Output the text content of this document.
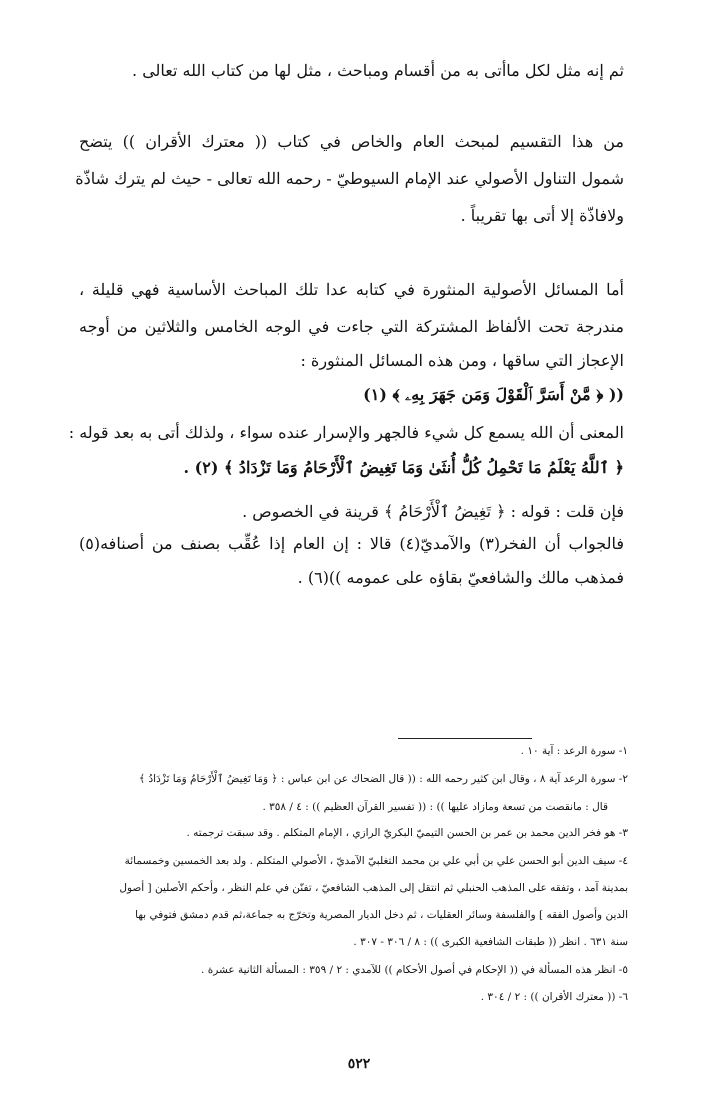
ثم إنه مثل لكل ماأتى به من أقسام ومباحث ، مثل لها من كتاب الله تعالى .
من هذا التقسيم لمبحث العام والخاص في كتاب (( معترك الأقران )) يتضح
شمول التناول الأصولي عند الإمام السيوطيّ - رحمه الله تعالى - حيث لم يترك شاذّة
ولافاذّة إلا أتى بها تقريباً .
أما المسائل الأصولية المنثورة في كتابه عدا تلك المباحث الأساسية فهي قليلة ،
مندرجة تحت الألفاظ المشتركة التي جاءت في الوجه الخامس والثلاثين من أوجه
الإعجاز التي ساقها ، ومن هذه المسائل المنثورة :
(( ﴿ مَّنْ أَسَرَّ ٱلْقَوْلَ وَمَن جَهَرَ بِهِۦ ﴾ (١)
المعنى أن الله يسمع كل شيء فالجهر والإسرار عنده سواء ، ولذلك أتى به بعد قوله :
﴿ ٱللَّهُ يَعْلَمُ مَا تَحْمِلُ كُلُّ أُنثَىٰ وَمَا تَغِيضُ ٱلْأَرْحَامُ وَمَا تَزْدَادُ ﴾ (٢) .
فإن قلت : قوله : ﴿ تَغِيضُ ٱلْأَرْحَامُ ﴾ قرينة في الخصوص .
فالجواب أن الفخر(٣) والآمديّ(٤) قالا : إن العام إذا عُقِّب بصنف من أصنافه(٥)
فمذهب مالك والشافعيّ بقاؤه على عمومه ))(٦) .
١- سورة الرعد : آية ١٠ .
٢- سورة الرعد آية ٨ ، وقال ابن كثير رحمه الله : (( قال الضحاك عن ابن عباس : ﴿ وَمَا تَغِيضُ ٱلْأَرْحَامُ وَمَا تَزْدَادُ ﴾
قال : مانقصت من تسعة ومازاد عليها )) : (( تفسير القرآن العظيم )) : ٤ / ٣٥٨ .
٣- هو فخر الدين محمد بن عمر بن الحسن التيميّ البكريّ الرازي ، الإمام المتكلم . وقد سبقت ترجمته .
٤- سيف الدين أبو الحسن علي بن أبي علي بن محمد التغلبيّ الآمديّ ، الأصولي المتكلم . ولد بعد الخمسين وخمسمائة
بمدينة آمد ، وتفقه على المذهب الحنبلي ثم انتقل إلى المذهب الشافعيّ ، تفنّن في علم النظر ، وأحكم الأصلين [ أصول
الدين وأصول الفقه ] والفلسفة وسائر العقليات ، ثم دخل الديار المصرية وتخرّج به جماعة،ثم قدم دمشق فتوفي بها
سنة ٦٣١ . انظر (( طبقات الشافعية الكبرى )) : ٨ / ٣٠٦ - ٣٠٧ .
٥- انظر هذه المسألة في (( الإحكام في أصول الأحكام )) للآمدي : ٢ / ٣٥٩ : المسألة الثانية عشرة .
٦- (( معترك الأقران )) : ٢ / ٣٠٤ .
٥٢٢
